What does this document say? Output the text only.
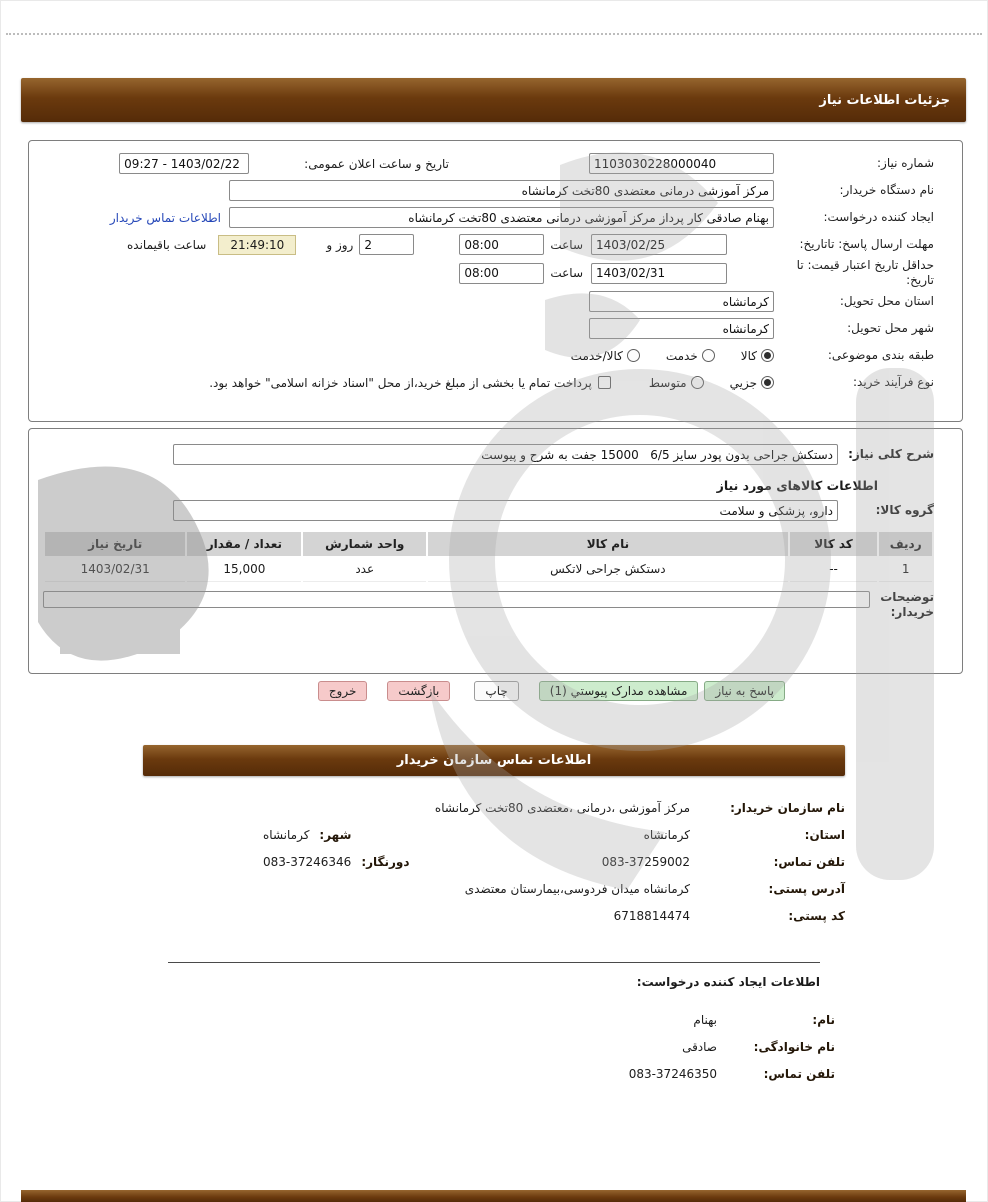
جزئیات اطلاعات نیاز
شماره نیاز:
1103030228000040
تاریخ و ساعت اعلان عمومی:
09:27 - 1403/02/22
نام دستگاه خریدار:
مرکز آموزشی درمانی معتضدی 80تخت کرمانشاه
ایجاد کننده درخواست:
بهنام صادقی کار پرداز مرکز آموزشی درمانی معتضدی 80تخت کرمانشاه
اطلاعات تماس خریدار
مهلت ارسال پاسخ: تاتاریخ:
1403/02/25
ساعت
08:00
2
روز و
21:49:10
ساعت باقیمانده
حداقل تاریخ اعتبار قیمت: تا تاریخ:
1403/02/31
ساعت
08:00
استان محل تحویل:
کرمانشاه
شهر محل تحویل:
کرمانشاه
طبقه بندی موضوعی:
کالا
خدمت
کالا/خدمت
نوع فرآیند خرید:
جزيي
متوسط
پرداخت تمام یا بخشی از مبلغ خرید،از محل "اسناد خزانه اسلامی" خواهد بود.
شرح کلی نیاز:
دستکش جراحی بدون پودر سایز 6/5 15000 جفت به شرح و پیوست
اطلاعات کالاهای مورد نیاز
گروه کالا:
دارو، پزشکی و سلامت
ردیف	کد کالا	نام کالا	واحد شمارش	تعداد / مقدار	تاریخ نیاز
1	--	دستکش جراحی لاتکس	عدد	15,000	1403/02/31
توضیحات خریدار:
پاسخ به نیاز
مشاهده مدارک پیوستي (1)
چاپ
بازگشت
خروج
اطلاعات تماس سازمان خریدار
نام سازمان خریدار:
مرکز آموزشی ،درمانی ،معتضدی 80تخت کرمانشاه
استان:
کرمانشاه
شهر:
کرمانشاه
تلفن تماس:
083-37259002
دورنگار:
083-37246346
آدرس پستی:
کرمانشاه میدان فردوسی،بیمارستان معتضدی
کد پستی:
6718814474
اطلاعات ایجاد کننده درخواست:
نام:
بهنام
نام خانوادگی:
صادقی
تلفن تماس:
083-37246350
